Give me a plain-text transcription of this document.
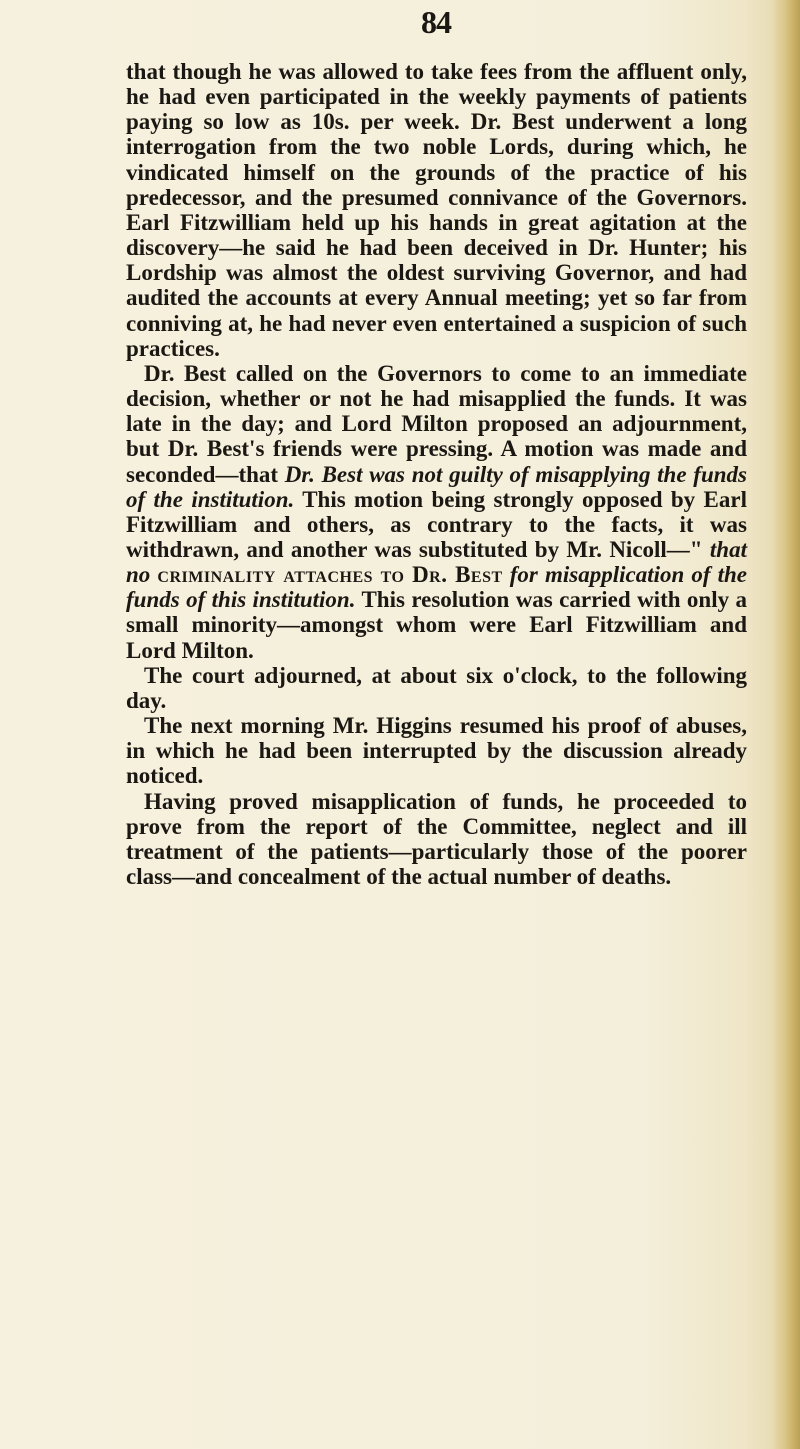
84

that though he was allowed to take fees from the affluent only, he had even participated in the weekly payments of patients paying so low as 10s. per week. Dr. Best underwent a long interrogation from the two noble Lords, during which, he vindicated himself on the grounds of the practice of his predecessor, and the presumed connivance of the Governors. Earl Fitzwilliam held up his hands in great agitation at the discovery—he said he had been deceived in Dr. Hunter; his Lordship was almost the oldest surviving Governor, and had audited the accounts at every Annual meeting; yet so far from conniving at, he had never even entertained a suspicion of such practices.

Dr. Best called on the Governors to come to an immediate decision, whether or not he had misapplied the funds. It was late in the day; and Lord Milton proposed an adjournment, but Dr. Best's friends were pressing. A motion was made and seconded—that Dr. Best was not guilty of misapplying the funds of the institution. This motion being strongly opposed by Earl Fitzwilliam and others, as contrary to the facts, it was withdrawn, and another was substituted by Mr. Nicoll—" that no criminality attaches to Dr. Best for misapplication of the funds of this institution. This resolution was carried with only a small minority—amongst whom were Earl Fitzwilliam and Lord Milton.

The court adjourned, at about six o'clock, to the following day.

The next morning Mr. Higgins resumed his proof of abuses, in which he had been interrupted by the discussion already noticed.

Having proved misapplication of funds, he proceeded to prove from the report of the Committee, neglect and ill treatment of the patients—particularly those of the poorer class—and concealment of the actual number of deaths.
